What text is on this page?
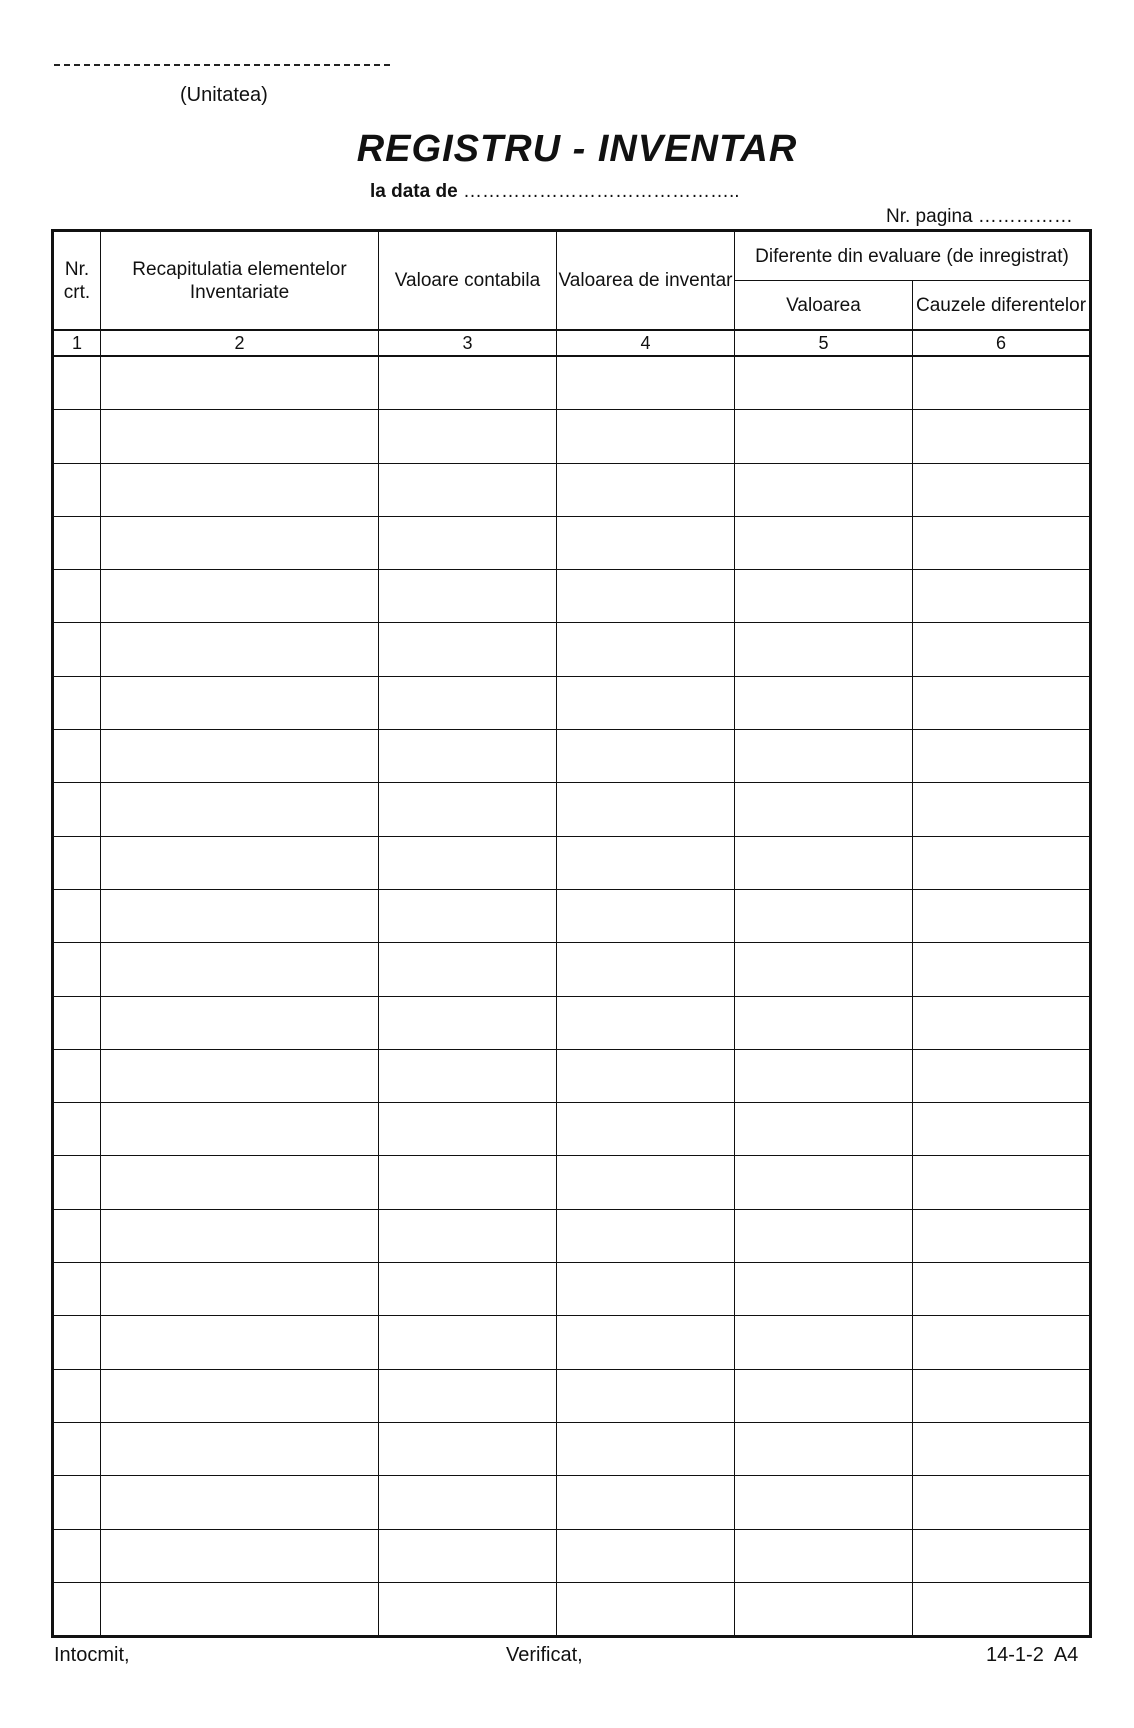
(Unitatea)
REGISTRU - INVENTAR
la data de ……………………………………..
Nr. pagina ……………
Nr. crt.	Recapitulatia elementelor Inventariate	Valoare contabila	Valoarea de inventar	Diferente din evaluare (de inregistrat)	
				Valoarea	Cauzele diferentelor
1	2	3	4	5	6

Intocmit,	Verificat,	14-1-2  A4
